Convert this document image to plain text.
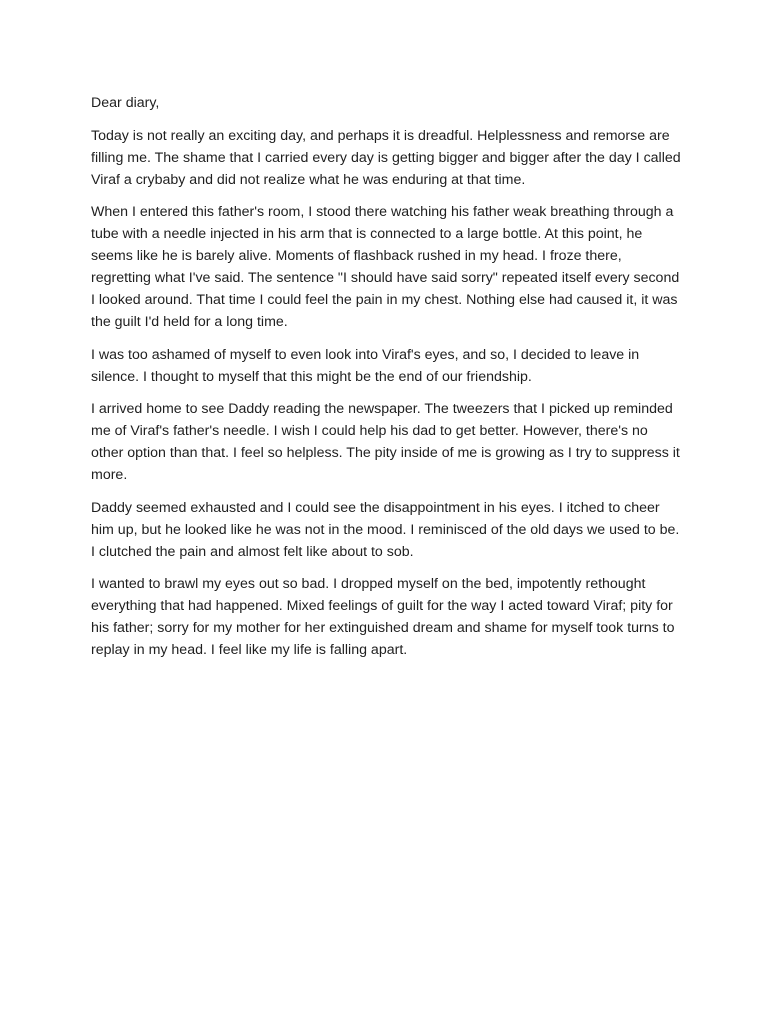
Dear diary,

Today is not really an exciting day, and perhaps it is dreadful. Helplessness and remorse are filling me. The shame that I carried every day is getting bigger and bigger after the day I called Viraf a crybaby and did not realize what he was enduring at that time.

When I entered this father's room, I stood there watching his father weak breathing through a tube with a needle injected in his arm that is connected to a large bottle. At this point, he seems like he is barely alive. Moments of flashback rushed in my head. I froze there, regretting what I've said. The sentence "I should have said sorry" repeated itself every second I looked around. That time I could feel the pain in my chest. Nothing else had caused it, it was the guilt I'd held for a long time.

I was too ashamed of myself to even look into Viraf's eyes, and so, I decided to leave in silence. I thought to myself that this might be the end of our friendship.

I arrived home to see Daddy reading the newspaper. The tweezers that I picked up reminded me of Viraf's father's needle. I wish I could help his dad to get better. However, there's no other option than that. I feel so helpless. The pity inside of me is growing as I try to suppress it more.

Daddy seemed exhausted and I could see the disappointment in his eyes. I itched to cheer him up, but he looked like he was not in the mood. I reminisced of the old days we used to be. I clutched the pain and almost felt like about to sob.

I wanted to brawl my eyes out so bad. I dropped myself on the bed, impotently rethought everything that had happened. Mixed feelings of guilt for the way I acted toward Viraf; pity for his father; sorry for my mother for her extinguished dream and shame for myself took turns to replay in my head. I feel like my life is falling apart.
